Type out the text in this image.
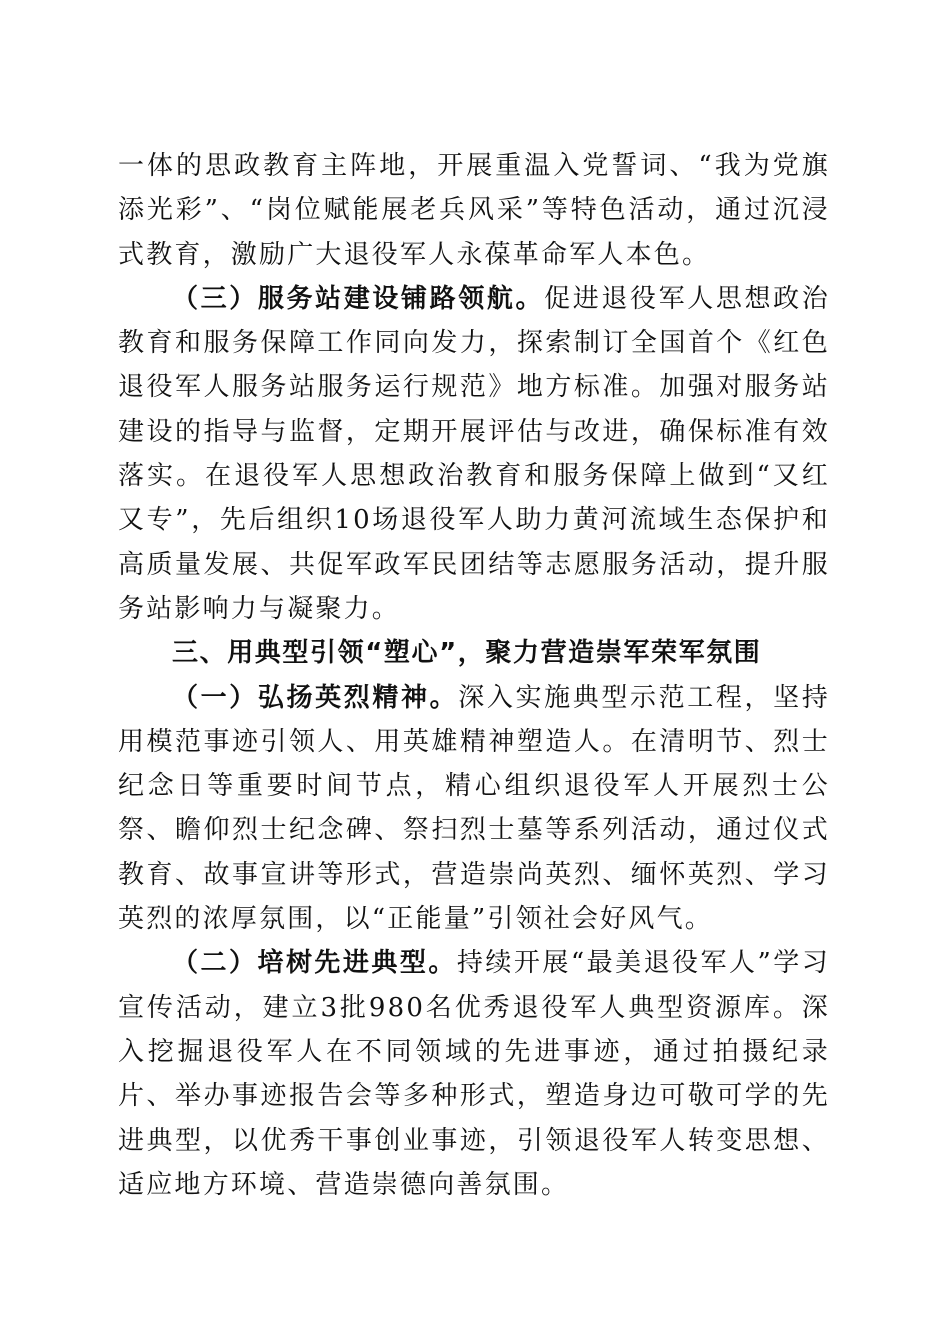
一体的思政教育主阵地，开展重温入党誓词、“我为党旗添光彩”、“岗位赋能展老兵风采”等特色活动，通过沉浸式教育，激励广大退役军人永葆革命军人本色。

（三）服务站建设铺路领航。促进退役军人思想政治教育和服务保障工作同向发力，探索制订全国首个《红色退役军人服务站服务运行规范》地方标准。加强对服务站建设的指导与监督，定期开展评估与改进，确保标准有效落实。在退役军人思想政治教育和服务保障上做到“又红又专”，先后组织10场退役军人助力黄河流域生态保护和高质量发展、共促军政军民团结等志愿服务活动，提升服务站影响力与凝聚力。

三、用典型引领“塑心”，聚力营造崇军荣军氛围

（一）弘扬英烈精神。深入实施典型示范工程，坚持用模范事迹引领人、用英雄精神塑造人。在清明节、烈士纪念日等重要时间节点，精心组织退役军人开展烈士公祭、瞻仰烈士纪念碑、祭扫烈士墓等系列活动，通过仪式教育、故事宣讲等形式，营造崇尚英烈、缅怀英烈、学习英烈的浓厚氛围，以“正能量”引领社会好风气。

（二）培树先进典型。持续开展“最美退役军人”学习宣传活动，建立3批980名优秀退役军人典型资源库。深入挖掘退役军人在不同领域的先进事迹，通过拍摄纪录片、举办事迹报告会等多种形式，塑造身边可敬可学的先进典型，以优秀干事创业事迹，引领退役军人转变思想、适应地方环境、营造崇德向善氛围。
